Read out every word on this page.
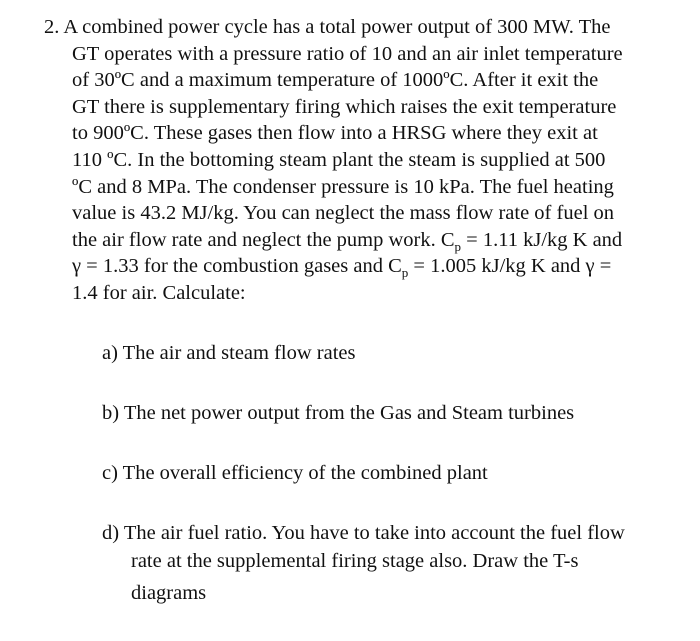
2. A combined power cycle has a total power output of 300 MW. The
GT operates with a pressure ratio of 10 and an air inlet temperature
of 30ºC and a maximum temperature of 1000ºC. After it exit the
GT there is supplementary firing which raises the exit temperature
to 900ºC. These gases then flow into a HRSG where they exit at
110 ºC. In the bottoming steam plant the steam is supplied at 500
ºC and 8 MPa. The condenser pressure is 10 kPa. The fuel heating
value is 43.2 MJ/kg. You can neglect the mass flow rate of fuel on
the air flow rate and neglect the pump work. $C_p = 1.11$ kJ/kg K and
γ = 1.33 for the combustion gases and $C_p = 1.005$ kJ/kg K and γ =
1.4 for air. Calculate:
a) The air and steam flow rates
b) The net power output from the Gas and Steam turbines
c) The overall efficiency of the combined plant
d) The air fuel ratio. You have to take into account the fuel flow
rate at the supplemental firing stage also. Draw the T-s
diagrams
